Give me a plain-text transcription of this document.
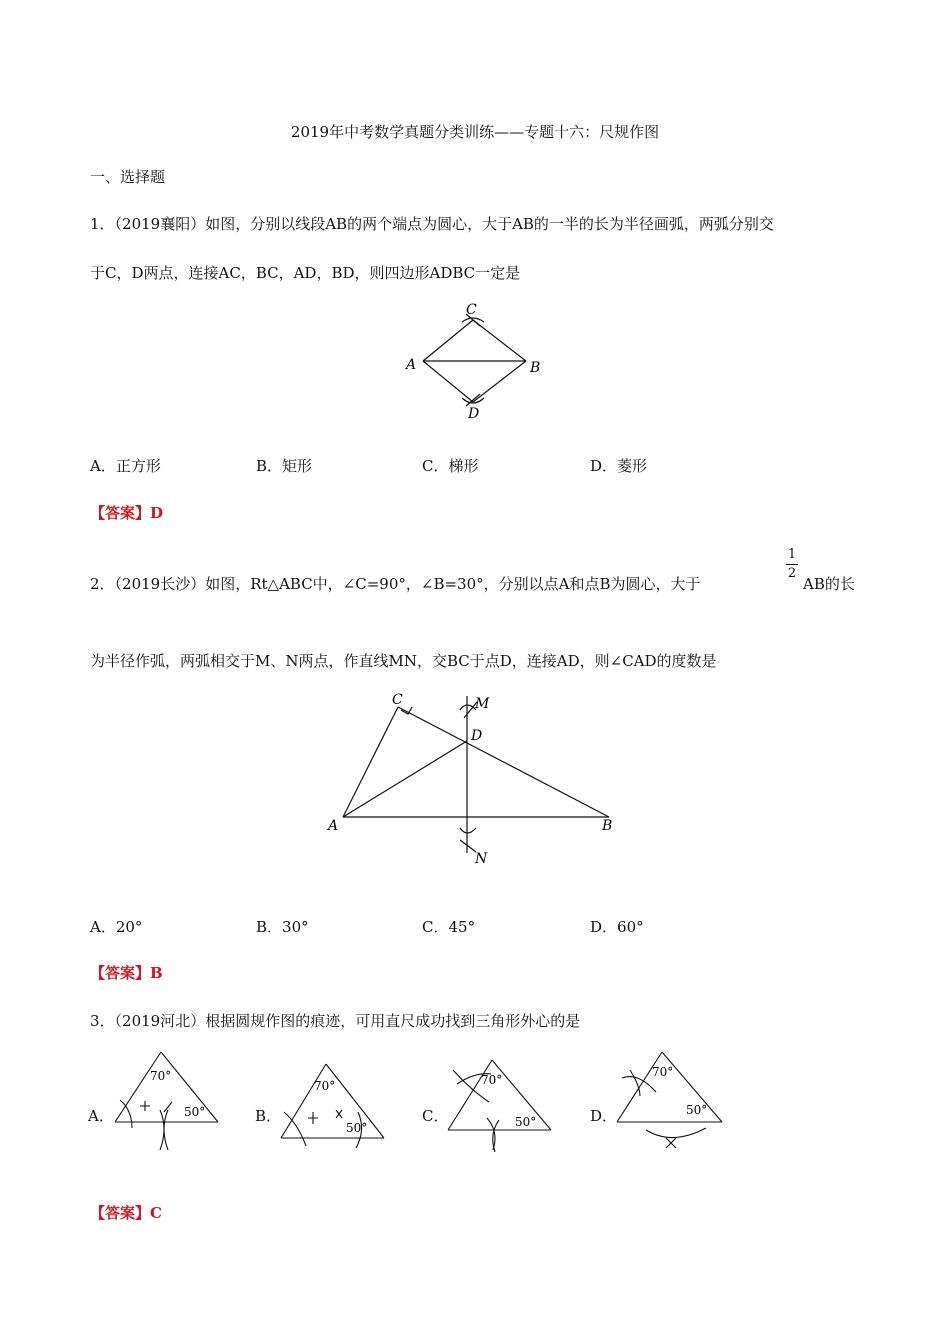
2019年中考数学真题分类训练——专题十六：尺规作图
一、选择题
1．（2019襄阳）如图，分别以线段AB的两个端点为圆心，大于AB的一半的长为半径画弧，两弧分别交
于C，D两点，连接AC，BC，AD，BD，则四边形ADBC一定是
C
A	B
D
A．正方形	B．矩形	C．梯形	D．菱形
【答案】D
2．（2019长沙）如图，Rt△ABC中，∠C=90°，∠B=30°，分别以点A和点B为圆心，大于
1
2
AB的长
为半径作弧，两弧相交于M、N两点，作直线MN，交BC于点D，连接AD，则∠CAD的度数是
C	M
D
A	B
N
A．20°	B．30°	C．45°	D．60°
【答案】B
3．（2019河北）根据圆规作图的痕迹，可用直尺成功找到三角形外心的是
A．
70°
50°	B．
70°
50°
C．
70°
50°	D．
70°
50°
【答案】C
